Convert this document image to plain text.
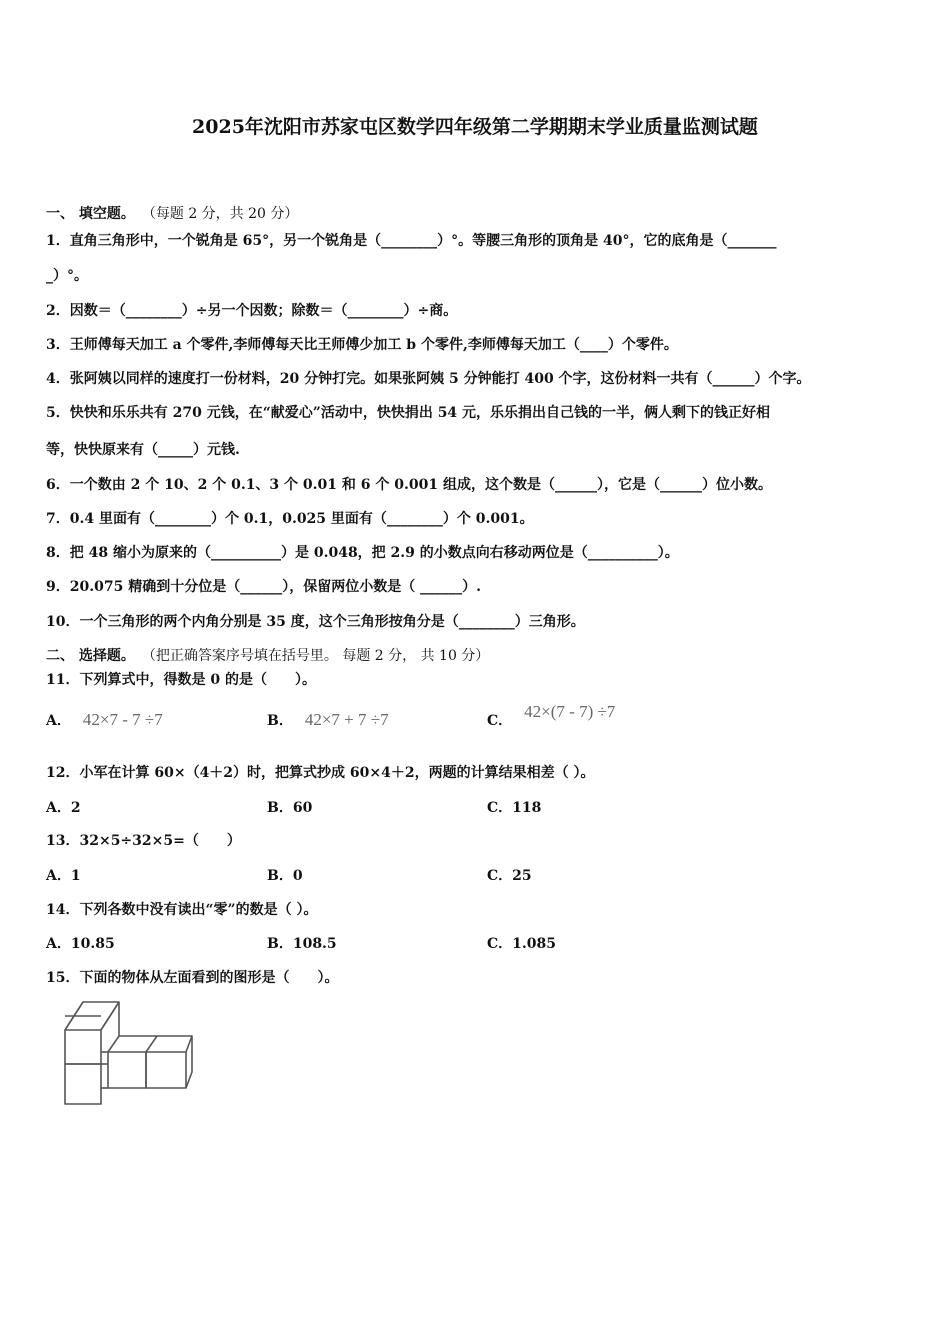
2025年沈阳市苏家屯区数学四年级第二学期期末学业质量监测试题
一、 填空题。 （每题 2 分，共 20 分）
1．直角三角形中，一个锐角是 65°，另一个锐角是（________）°。等腰三角形的顶角是 40°，它的底角是（_______
_）°。
2．因数＝（________）÷另一个因数；除数＝（________）÷商。
3．王师傅每天加工 a 个零件,李师傅每天比王师傅少加工 b 个零件,李师傅每天加工（____）个零件。
4．张阿姨以同样的速度打一份材料，20 分钟打完。如果张阿姨 5 分钟能打 400 个字，这份材料一共有（______）个字。
5．快快和乐乐共有 270 元钱，在“献爱心”活动中，快快捐出 54 元，乐乐捐出自己钱的一半，俩人剩下的钱正好相
等，快快原来有（_____）元钱.
6．一个数由 2 个 10、2 个 0.1、3 个 0.01 和 6 个 0.001 组成，这个数是（______），它是（______）位小数。
7．0.4 里面有（________）个 0.1，0.025 里面有（________）个 0.001。
8．把 48 缩小为原来的（__________）是 0.048，把 2.9 的小数点向右移动两位是（__________）。
9．20.075 精确到十分位是（______），保留两位小数是（ ______）.
10．一个三角形的两个内角分别是 35 度，这个三角形按角分是（________）三角形。
二、 选择题。 （把正确答案序号填在括号里。 每题 2 分， 共 10 分）
11．下列算式中，得数是 0 的是（　　）。
A． 42×7 - 7 ÷7	B． 42×7 + 7 ÷7	C． 42×(7 - 7) ÷7
12．小军在计算 60×（4＋2）时，把算式抄成 60×4＋2，两题的计算结果相差（ ）。
A．2	B．60	C．118
13．32×5÷32×5=（　　）
A．1	B．0	C．25
14．下列各数中没有读出“零”的数是（ ）。
A．10.85	B．108.5	C．1.085
15．下面的物体从左面看到的图形是（　　）。
